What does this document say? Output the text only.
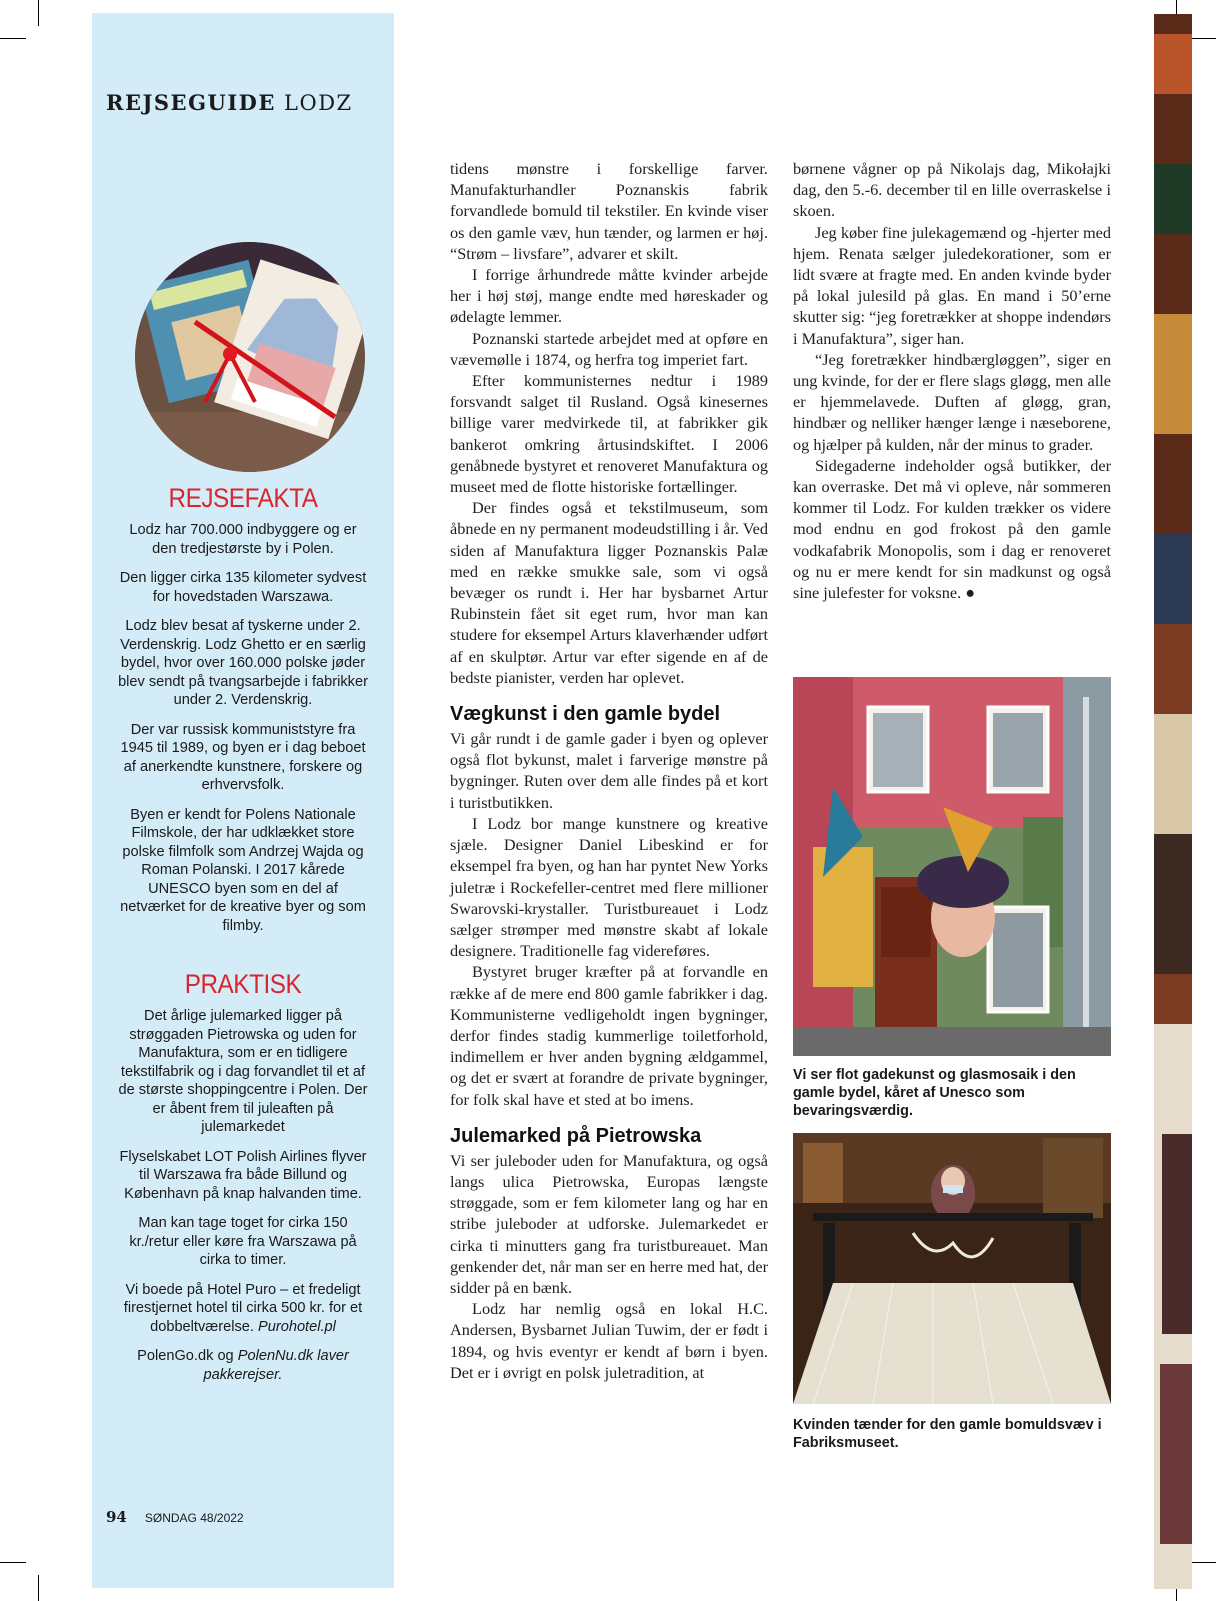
REJSEGUIDE LODZ
REJSEFAKTA

Lodz har 700.000 indbyggere og er den tredjestørste by i Polen.

Den ligger cirka 135 kilometer sydvest for hovedstaden Warszawa.

Lodz blev besat af tyskerne under 2. Verdenskrig. Lodz Ghetto er en særlig bydel, hvor over 160.000 polske jøder blev sendt på tvangsarbejde i fabrikker under 2. Verdenskrig.

Der var russisk kommuniststyre fra 1945 til 1989, og byen er i dag beboet af anerkendte kunstnere, forskere og erhvervsfolk.

Byen er kendt for Polens Nationale Filmskole, der har udklækket store polske filmfolk som Andrzej Wajda og Roman Polanski. I 2017 kårede UNESCO byen som en del af netværket for de kreative byer og som filmby.

PRAKTISK

Det årlige julemarked ligger på strøggaden Pietrowska og uden for Manufaktura, som er en tidligere tekstilfabrik og i dag forvandlet til et af de største shoppingcentre i Polen. Der er åbent frem til juleaften på julemarkedet

Flyselskabet LOT Polish Airlines flyver til Warszawa fra både Billund og København på knap halvanden time.

Man kan tage toget for cirka 150 kr./retur eller køre fra Warszawa på cirka to timer.

Vi boede på Hotel Puro – et fredeligt firestjernet hotel til cirka 500 kr. for et dobbeltværelse. Purohotel.pl

PolenGo.dk og PolenNu.dk laver pakkerejser.

94 SØNDAG 48/2022

tidens mønstre i forskellige farver. Manufakturhandler Poznanskis fabrik forvandlede bomuld til tekstiler. En kvinde viser os den gamle væv, hun tænder, og larmen er høj. “Strøm – livsfare”, advarer et skilt.

I forrige århundrede måtte kvinder arbejde her i høj støj, mange endte med høreskader og ødelagte lemmer.

Poznanski startede arbejdet med at opføre en vævemølle i 1874, og herfra tog imperiet fart.

Efter kommunisternes nedtur i 1989 forsvandt salget til Rusland. Også kinesernes billige varer medvirkede til, at fabrikker gik bankerot omkring årtusindskiftet. I 2006 genåbnede bystyret et renoveret Manufaktura og museet med de flotte historiske fortællinger.

Der findes også et tekstilmuseum, som åbnede en ny permanent modeudstilling i år. Ved siden af Manufaktura ligger Poznanskis Palæ med en række smukke sale, som vi også bevæger os rundt i. Her har bysbarnet Artur Rubinstein fået sit eget rum, hvor man kan studere for eksempel Arturs klaverhænder udført af en skulptør. Artur var efter sigende en af de bedste pianister, verden har oplevet.

Vægkunst i den gamle bydel

Vi går rundt i de gamle gader i byen og oplever også flot bykunst, malet i farverige mønstre på bygninger. Ruten over dem alle findes på et kort i turistbutikken.

I Lodz bor mange kunstnere og kreative sjæle. Designer Daniel Libeskind er for eksempel fra byen, og han har pyntet New Yorks juletræ i Rockefeller-centret med flere millioner Swarovski-krystaller. Turistbureauet i Lodz sælger strømper med mønstre skabt af lokale designere. Traditionelle fag videreføres.

Bystyret bruger kræfter på at forvandle en række af de mere end 800 gamle fabrikker i dag. Kommunisterne vedligeholdt ingen bygninger, derfor findes stadig kummerlige toiletforhold, indimellem er hver anden bygning ældgammel, og det er svært at forandre de private bygninger, for folk skal have et sted at bo imens.

Julemarked på Pietrowska

Vi ser juleboder uden for Manufaktura, og også langs ulica Pietrowska, Europas længste strøggade, som er fem kilometer lang og har en stribe juleboder at udforske. Julemarkedet er cirka ti minutters gang fra turistbureauet. Man genkender det, når man ser en herre med hat, der sidder på en bænk.

Lodz har nemlig også en lokal H.C. Andersen, Bysbarnet Julian Tuwim, der er født i 1894, og hvis eventyr er kendt af børn i byen. Det er i øvrigt en polsk juletradition, at

børnene vågner op på Nikolajs dag, Mikołajki dag, den 5.-6. december til en lille overraskelse i skoen.

Jeg køber fine julekagemænd og -hjerter med hjem. Renata sælger juledekorationer, som er lidt svære at fragte med. En anden kvinde byder på lokal julesild på glas. En mand i 50’erne skutter sig: “jeg foretrækker at shoppe indendørs i Manufaktura”, siger han.

“Jeg foretrækker hindbærgløggen”, siger en ung kvinde, for der er flere slags gløgg, men alle er hjemmelavede. Duften af gløgg, gran, hindbær og nelliker hænger længe i næseborene, og hjælper på kulden, når der minus to grader.

Sidegaderne indeholder også butikker, der kan overraske. Det må vi opleve, når sommeren kommer til Lodz. For kulden trækker os videre mod endnu en god frokost på den gamle vodkafabrik Monopolis, som i dag er renoveret og nu er mere kendt for sin madkunst og også sine julefester for voksne. ●

Vi ser flot gadekunst og glasmosaik i den gamle bydel, kåret af Unesco som bevaringsværdig.
Kvinden tænder for den gamle bomuldsvæv i Fabriksmuseet.
